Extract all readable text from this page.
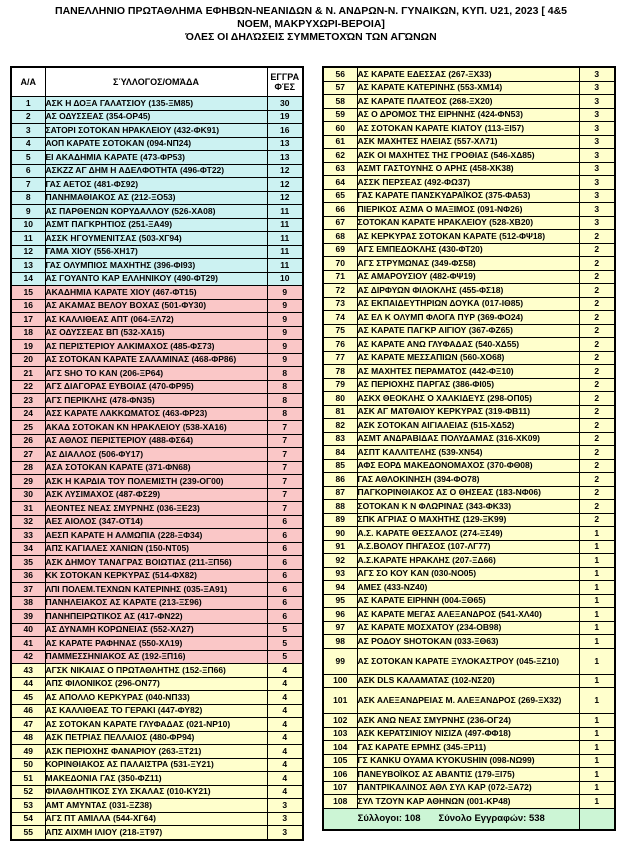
ΠΑΝΕΛΛΗΝΙΟ ΠΡΩΤΑΘΛΗΜΑ ΕΦΗΒΩΝ-ΝΕΑΝΙΔΩΝ & Ν. ΑΝΔΡΩΝ-Ν. ΓΥΝΑΙΚΩΝ, ΚΥΠ. U21, 2023 [ 4&5
ΝΟΕΜ, ΜΑΚΡΥΧΩΡΙ-ΒΕΡΟΙΑ]
ΌΛΕΣ ΟΙ ΔΗΛΏΣΕΙΣ ΣΥΜΜΕΤΟΧΏΝ ΤΩΝ ΑΓΏΝΩΝ
Α/Α	ΣΎΛΛΟΓΟΣ/ΟΜΆΔΑ	ΕΓΓΡΑ
ΦΈΣ

1	ΑΣΚ Η ΔΟΞΑ ΓΑΛΑΤΣΙΟΥ (135-ΞΜ85)	30
2	ΑΣ ΟΔΥΣΣΕΑΣ (354-ΟΡ45)	19
3	ΣΑΤΟΡΙ ΣΟΤΟΚΑΝ ΗΡΑΚΛΕΙΟΥ (432-ΦΚ91)	16
4	ΑΟΠ ΚΑΡΑΤΕ ΣΟΤΟΚΑΝ (094-ΝΠ24)	13
5	ΕΙ ΑΚΑΔΗΜΙΑ ΚΑΡΑΤΕ (473-ΦΡ53)	13
6	ΑΣΚΖΖ ΑΓ ΔΗΜ Η ΑΔΕΛΦΟΤΗΤΑ (496-ΦΤ22)	12
7	ΓΑΣ ΑΕΤΟΣ (481-ΦΣ92)	12
8	ΠΑΝΗΜΑΘΙΑΚΟΣ ΑΣ (212-ΞΟ53)	12
9	ΑΣ ΠΑΡΘΕΝΩΝ ΚΟΡΥΔΑΛΛΟΥ (526-ΧΑ08)	11
10	ΑΣΜΤ ΠΑΓΚΡΗΤΙΟΣ (251-ΞΑ49)	11
11	ΑΣΣΚ ΗΓΟΥΜΕΝΙΤΣΑΣ (503-ΧΓ94)	11
12	ΓΑΜΑ ΧΙΟΥ (556-ΧΗ17)	11
13	ΓΑΣ ΟΛΥΜΠΙΟΣ ΜΑΧΗΤΗΣ (396-ΦΙ93)	11
14	ΑΣ ΓΟΥΑΝΤΟ ΚΑΡ ΕΛΛΗΝΙΚΟΥ (490-ΦΤ29)	10
15	ΑΚΑΔΗΜΙΑ ΚΑΡΑΤΕ ΧΙΟΥ (467-ΦΤ15)	9
16	ΑΣ ΑΚΑΜΑΣ ΒΕΛΟΥ ΒΟΧΑΣ (501-ΦΥ30)	9
17	ΑΣ ΚΑΛΛΙΘΕΑΣ ΑΠΤ (064-ΞΛ72)	9
18	ΑΣ ΟΔΥΣΣΕΑΣ ΒΠ (532-ΧΑ15)	9
19	ΑΣ ΠΕΡΙΣΤΕΡΙΟΥ ΑΛΚΙΜΑΧΟΣ (485-ΦΣ73)	9
20	ΑΣ ΣΟΤΟΚΑΝ ΚΑΡΑΤΕ ΣΑΛΑΜΙΝΑΣ (468-ΦΡ86)	9
21	ΑΓΣ SHO TO KAN (206-ΞΡ64)	8
22	ΑΓΣ ΔΙΑΓΟΡΑΣ ΕΥΒΟΙΑΣ (470-ΦΡ95)	8
23	ΑΓΣ ΠΕΡΙΚΛΗΣ (478-ΦΝ35)	8
24	ΑΣΣ ΚΑΡΑΤΕ ΛΑΚΚΩΜΑΤΟΣ (463-ΦΡ23)	8
25	ΑΚΑΔ ΣΟΤΟΚΑΝ ΚΝ ΗΡΑΚΛΕΙΟΥ (538-ΧΑ16)	7
26	ΑΣ ΑΘΛΟΣ ΠΕΡΙΣΤΕΡΙΟΥ (488-ΦΣ64)	7
27	ΑΣ ΔΙΑΛΛΟΣ (506-ΦΥ17)	7
28	ΑΣΑ ΣΟΤΟΚΑΝ ΚΑΡΑΤΕ (371-ΦΝ68)	7
29	ΑΣΚ Η ΚΑΡΔΙΑ ΤΟΥ ΠΟΛΕΜΙΣΤΗ (239-ΟΓ00)	7
30	ΑΣΚ ΛΥΣΙΜΑΧΟΣ (487-ΦΣ29)	7
31	ΛΕΟΝΤΕΣ ΝΕΑΣ ΣΜΥΡΝΗΣ (036-ΞΕ23)	7
32	ΑΕΣ ΑΙΟΛΟΣ (347-ΟΤ14)	6
33	ΑΕΣΠ ΚΑΡΑΤΕ Η ΑΛΜΩΠΙΑ (228-ΞΦ34)	6
34	ΑΠΣ ΚΑΓΙΑΛΕΣ ΧΑΝΙΩΝ (150-ΝΤ05)	6
35	ΑΣΚ ΔΗΜΟΥ ΤΑΝΑΓΡΑΣ ΒΟΙΩΤΙΑΣ (211-ΞΠ56)	6
36	ΚΚ ΣΟΤΟΚΑΝ ΚΕΡΚΥΡΑΣ (514-ΦΧ82)	6
37	ΛΠΙ ΠΟΛΕΜ.ΤΕΧΝΩΝ ΚΑΤΕΡΙΝΗΣ (035-ΞΑ91)	6
38	ΠΑΝΗΛΕΙΑΚΟΣ ΑΣ ΚΑΡΑΤΕ (213-ΞΣ96)	6
39	ΠΑΝΗΠΕΙΡΩΤΙΚΟΣ ΑΣ (417-ΦΝ22)	6
40	ΑΣ ΔΥΝΑΜΗ ΚΟΡΩΝΕΙΑΣ (552-ΧΛ27)	5
41	ΑΣ ΚΑΡΑΤΕ ΡΑΦΗΝΑΣ (550-ΧΛ19)	5
42	ΠΑΜΜΕΣΣΗΝΙΑΚΟΣ ΑΣ (192-ΞΠ16)	5
43	ΑΓΣΚ ΝΙΚΑΙΑΣ Ο ΠΡΩΤΑΘΛΗΤΗΣ (152-ΞΠ66)	4
44	ΑΠΣ ΦΙΛΟΝΙΚΟΣ (296-ΟΝ77)	4
45	ΑΣ ΑΠΟΛΛΟ ΚΕΡΚΥΡΑΣ (040-ΝΠ33)	4
46	ΑΣ ΚΑΛΛΙΘΕΑΣ ΤΟ ΓΕΡΑΚΙ (447-ΦΥ82)	4
47	ΑΣ ΣΟΤΟΚΑΝ ΚΑΡΑΤΕ ΓΛΥΦΑΔΑΣ (021-ΝΡ10)	4
48	ΑΣΚ ΠΕΤΡΙΑΣ ΠΕΛΛΑΙΟΣ (480-ΦΡ94)	4
49	ΑΣΚ ΠΕΡΙΟΧΗΣ ΦΑΝΑΡΙΟΥ (263-ΞΤ21)	4
50	ΚΟΡΙΝΘΙΑΚΟΣ ΑΣ ΠΑΛΑΙΣΤΡΑ (531-ΞΥ21)	4
51	ΜΑΚΕΔΟΝΙΑ ΓΑΣ (350-ΦΖ11)	4
52	ΦΙΛΑΘΛΗΤΙΚΟΣ ΣΥΛ ΣΚΑΛΑΣ (010-ΚΥ21)	4
53	ΑΜΤ ΑΜΥΝΤΑΣ (031-ΞΖ38)	3
54	ΑΓΣ ΠΤ ΑΜΙΛΛΑ (544-ΧΓ64)	3
55	ΑΠΣ ΑΙΧΜΗ ΙΛΙΟΥ (218-ΞΤ97)	3
56	ΑΣ ΚΑΡΑΤΕ ΕΔΕΣΣΑΣ (267-ΞΧ33)	3
57	ΑΣ ΚΑΡΑΤΕ ΚΑΤΕΡΙΝΗΣ (553-ΧΜ14)	3
58	ΑΣ ΚΑΡΑΤΕ ΠΛΑΤΕΟΣ (268-ΞΧ20)	3
59	ΑΣ Ο ΔΡΟΜΟΣ ΤΗΣ ΕΙΡΗΝΗΣ (424-ΦΝ53)	3
60	ΑΣ ΣΟΤΟΚΑΝ ΚΑΡΑΤΕ ΚΙΑΤΟΥ (113-ΞΙ57)	3
61	ΑΣΚ ΜΑΧΗΤΕΣ ΗΛΕΙΑΣ (557-ΧΛ71)	3
62	ΑΣΚ ΟΙ ΜΑΧΗΤΕΣ ΤΗΣ ΓΡΟΘΙΑΣ (546-ΧΔ85)	3
63	ΑΣΜΤ ΓΑΣΤΟΥΝΗΣ Ο ΑΡΗΣ (458-ΧΚ38)	3
64	ΑΣΣΚ ΠΕΡΣΕΑΣ (492-ΦΩ37)	3
65	ΓΑΣ ΚΑΡΑΤΕ ΠΑΝΣΚΥΔΡΑΪΚΟΣ (375-ΦΑ53)	3
66	ΠΙΕΡΙΚΟΣ ΑΣΜΑ Ο ΜΑΞΙΜΟΣ (091-ΝΦ26)	3
67	ΣΟΤΟΚΑΝ ΚΑΡΑΤΕ ΗΡΑΚΛΕΙΟΥ (528-ΧΒ20)	3
68	ΑΣ ΚΕΡΚΥΡΑΣ ΣΟΤΟΚΑΝ ΚΑΡΑΤΕ (512-ΦΨ18)	2
69	ΑΓΣ ΕΜΠΕΔΟΚΛΗΣ (430-ΦΤ20)	2
70	ΑΓΣ ΣΤΡΥΜΩΝΑΣ (349-ΦΣ58)	2
71	ΑΣ ΑΜΑΡΟΥΣΙΟΥ (482-ΦΨ19)	2
72	ΑΣ ΔΙΡΦΥΩΝ ΦΙΛΟΚΛΗΣ (455-ΦΣ18)	2
73	ΑΣ ΕΚΠΑΙΔΕΥΤΗΡΙΩΝ ΔΟΥΚΑ (017-ΙΘ85)	2
74	ΑΣ ΕΛ Κ ΟΛΥΜΠ ΦΛΟΓΑ ΠΥΡ (369-ΦΟ24)	2
75	ΑΣ ΚΑΡΑΤΕ ΠΑΓΚΡ ΑΙΓΙΟΥ (367-ΦΖ65)	2
76	ΑΣ ΚΑΡΑΤΕ ΑΝΩ ΓΛΥΦΑΔΑΣ (540-ΧΔ55)	2
77	ΑΣ ΚΑΡΑΤΕ ΜΕΣΣΑΠΙΩΝ (560-ΧΟ68)	2
78	ΑΣ ΜΑΧΗΤΕΣ ΠΕΡΑΜΑΤΟΣ (442-ΦΞ10)	2
79	ΑΣ ΠΕΡΙΟΧΗΣ ΠΑΡΓΑΣ (386-ΦΙ05)	2
80	ΑΣΚΧ ΘΕΟΚΛΗΣ Ο ΧΑΛΚΙΔΕΥΣ (298-ΟΠ05)	2
81	ΑΣΚ ΑΓ ΜΑΤΘΑΙΟΥ ΚΕΡΚΥΡΑΣ (319-ΦΒ11)	2
82	ΑΣΚ ΣΟΤΟΚΑΝ ΑΙΓΙΑΛΕΙΑΣ (515-ΧΔ52)	2
83	ΑΣΜΤ ΑΝΔΡΑΒΙΔΑΣ ΠΟΛΥΔΑΜΑΣ (316-ΧΚ09)	2
84	ΑΣΠΤ ΚΑΛΛΙΤΕΛΗΣ (539-ΧΝ54)	2
85	ΑΦΣ ΕΟΡΔ ΜΑΚΕΔΟΝΟΜΑΧΟΣ (370-ΦΘ08)	2
86	ΓΑΣ ΑΘΛΟΚΙΝΗΣΗ (394-ΦΟ78)	2
87	ΠΑΓΚΟΡΙΝΘΙΑΚΟΣ ΑΣ Ο ΘΗΣΕΑΣ (183-ΝΦ06)	2
88	ΣΟΤΟΚΑΝ Κ Ν ΦΛΩΡΙΝΑΣ (343-ΦΚ33)	2
89	ΣΠΚ ΑΓΡΙΑΣ Ο ΜΑΧΗΤΗΣ (129-ΞΚ99)	2
90	Α.Σ. ΚΑΡΑΤΕ ΘΕΣΣΑΛΟΣ (274-ΞΣ49)	1
91	Α.Σ.ΒΟΛΟΥ ΠΗΓΑΣΟΣ (107-ΛΓ77)	1
92	Α.Σ.ΚΑΡΑΤΕ ΗΡΑΚΛΗΣ (207-ΞΔ66)	1
93	ΑΓΣ ΣΟ ΚΟΥ ΚΑΝ (030-ΝΟ05)	1
94	ΑΜΕΣ (433-ΝΖ40)	1
95	ΑΣ ΚΑΡΑΤΕ ΕΙΡΗΝΗ (004-ΞΘ65)	1
96	ΑΣ ΚΑΡΑΤΕ ΜΕΓΑΣ ΑΛΕΞΑΝΔΡΟΣ (541-ΧΛ40)	1
97	ΑΣ ΚΑΡΑΤΕ ΜΟΣΧΑΤΟΥ (234-ΟΒ98)	1
98	ΑΣ ΡΟΔΟΥ SHOTOKAN (033-ΞΘ63)	1
99	ΑΣ ΣΟΤΟΚΑΝ ΚΑΡΑΤΕ ΞΥΛΟΚΑΣΤΡΟΥ (045-ΞΖ10)	1
100	ΑΣΚ DLS ΚΑΛΑΜΑΤΑΣ (102-ΝΣ20)	1
101	ΑΣΚ ΑΛΕΞΑΝΔΡΕΙΑΣ Μ. ΑΛΕΞΑΝΔΡΟΣ (269-ΞΧ32)	1
102	ΑΣΚ ΑΝΩ ΝΕΑΣ ΣΜΥΡΝΗΣ (236-ΟΓ24)	1
103	ΑΣΚ ΚΕΡΑΤΣΙΝΙΟΥ ΝΙΣΙΖΑ (497-ΦΦ18)	1
104	ΓΑΣ ΚΑΡΑΤΕ ΕΡΜΗΣ (345-ΞΡ11)	1
105	ΓΣ KANKU ΟΥΑΜΑ KYOKUSHIN (098-ΝΩ99)	1
106	ΠΑΝΕΥΒΟΪΚΟΣ ΑΣ ΑΒΑΝΤΙΣ (179-ΞΙ75)	1
107	ΠΑΝΤΡΙΚΑΛΙΝΟΣ ΑΘΛ ΣΥΛ ΚΑΡ (072-ΞΑ72)	1
108	ΣΥΛ ΤΖΟΥΝ ΚΑΡ ΑΘΗΝΩΝ (001-ΚΡ48)	1
Σύλλογοι: 108 Σύνολο Εγγραφών: 538		
